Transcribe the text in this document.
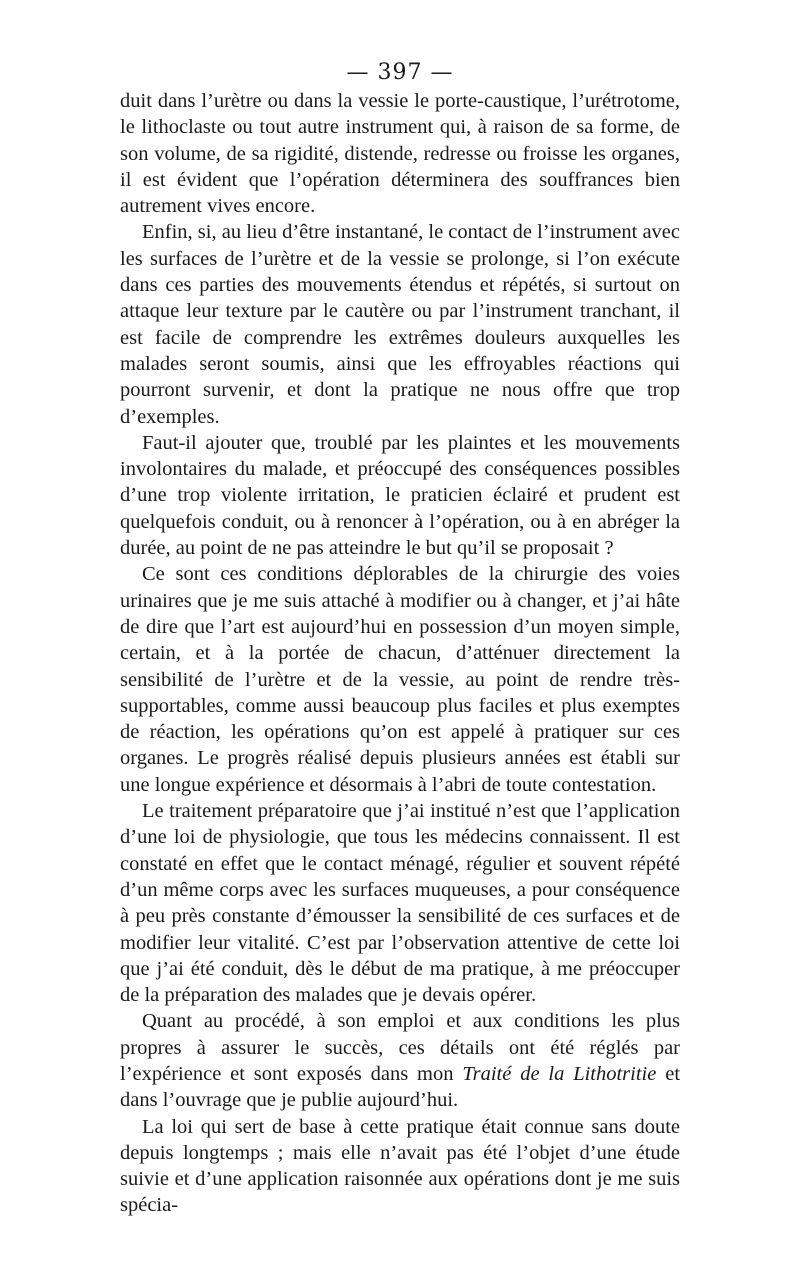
— 397 —

duit dans l’urètre ou dans la vessie le porte-caustique, l’urétrotome, le lithoclaste ou tout autre instrument qui, à raison de sa forme, de son volume, de sa rigidité, distende, redresse ou froisse les organes, il est évident que l’opération déterminera des souffrances bien autrement vives encore.

Enfin, si, au lieu d’être instantané, le contact de l’instrument avec les surfaces de l’urètre et de la vessie se prolonge, si l’on exécute dans ces parties des mouvements étendus et répétés, si surtout on attaque leur texture par le cautère ou par l’instrument tranchant, il est facile de comprendre les extrêmes douleurs auxquelles les malades seront soumis, ainsi que les effroyables réactions qui pourront survenir, et dont la pratique ne nous offre que trop d’exemples.

Faut-il ajouter que, troublé par les plaintes et les mouvements involontaires du malade, et préoccupé des conséquences possibles d’une trop violente irritation, le praticien éclairé et prudent est quelquefois conduit, ou à renoncer à l’opération, ou à en abréger la durée, au point de ne pas atteindre le but qu’il se proposait ?

Ce sont ces conditions déplorables de la chirurgie des voies urinaires que je me suis attaché à modifier ou à changer, et j’ai hâte de dire que l’art est aujourd’hui en possession d’un moyen simple, certain, et à la portée de chacun, d’atténuer directement la sensibilité de l’urètre et de la vessie, au point de rendre très-supportables, comme aussi beaucoup plus faciles et plus exemptes de réaction, les opérations qu’on est appelé à pratiquer sur ces organes. Le progrès réalisé depuis plusieurs années est établi sur une longue expérience et désormais à l’abri de toute contestation.

Le traitement préparatoire que j’ai institué n’est que l’application d’une loi de physiologie, que tous les médecins connaissent. Il est constaté en effet que le contact ménagé, régulier et souvent répété d’un même corps avec les surfaces muqueuses, a pour conséquence à peu près constante d’émousser la sensibilité de ces surfaces et de modifier leur vitalité. C’est par l’observation attentive de cette loi que j’ai été conduit, dès le début de ma pratique, à me préoccuper de la préparation des malades que je devais opérer.

Quant au procédé, à son emploi et aux conditions les plus propres à assurer le succès, ces détails ont été réglés par l’expérience et sont exposés dans mon Traité de la Lithotritie et dans l’ouvrage que je publie aujourd’hui.

La loi qui sert de base à cette pratique était connue sans doute depuis longtemps ; mais elle n’avait pas été l’objet d’une étude suivie et d’une application raisonnée aux opérations dont je me suis spécia-
